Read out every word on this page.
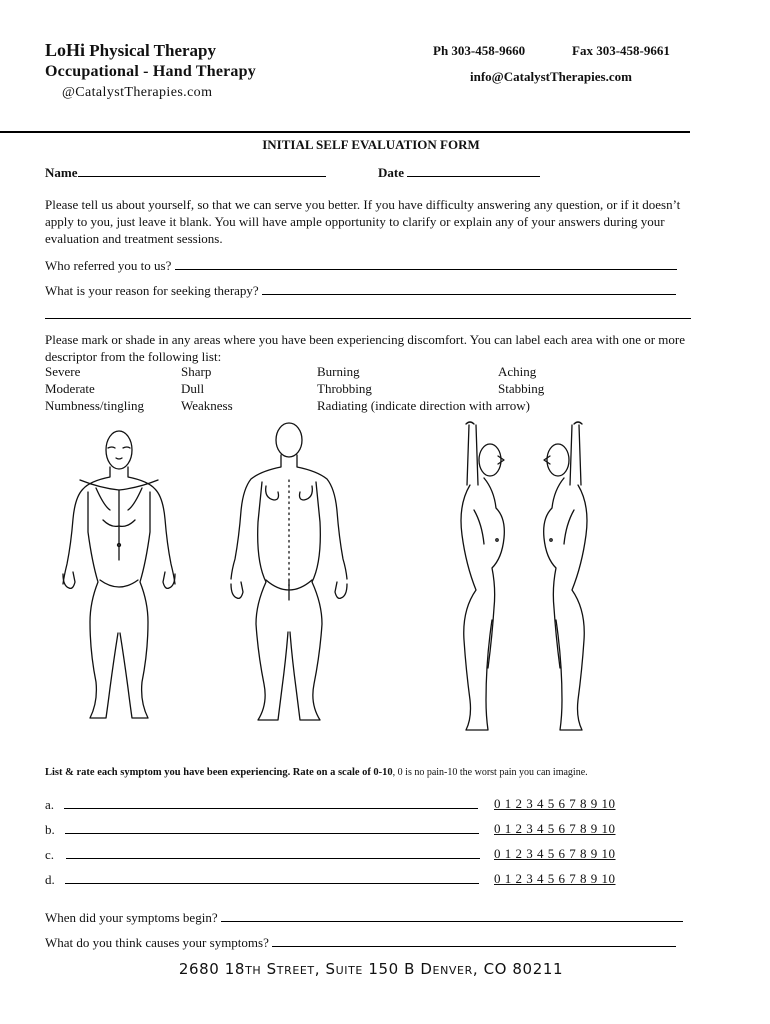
LoHi Physical Therapy
Occupational - Hand Therapy
@CatalystTherapies.com
Ph 303-458-9660	Fax 303-458-9661
info@CatalystTherapies.com
INITIAL SELF EVALUATION FORM
Name	Date
Please tell us about yourself, so that we can serve you better. If you have difficulty answering any question, or if it doesn’t apply to you, just leave it blank. You will have ample opportunity to clarify or explain any of your answers during your evaluation and treatment sessions.
Who referred you to us?
What is your reason for seeking therapy?
Please mark or shade in any areas where you have been experiencing discomfort. You can label each area with one or more descriptor from the following list:
Severe	Sharp	Burning	Aching
Moderate	Dull	Throbbing	Stabbing
Numbness/tingling	Weakness	Radiating (indicate direction with arrow)
List & rate each symptom you have been experiencing. Rate on a scale of 0-10, 0 is no pain-10 the worst pain you can imagine.
a.	0 1 2 3 4 5 6 7 8 9 10
b.	0 1 2 3 4 5 6 7 8 9 10
c.	0 1 2 3 4 5 6 7 8 9 10
d.	0 1 2 3 4 5 6 7 8 9 10
When did your symptoms begin?
What do you think causes your symptoms?
2680 18th Street, Suite 150 B Denver, CO 80211
